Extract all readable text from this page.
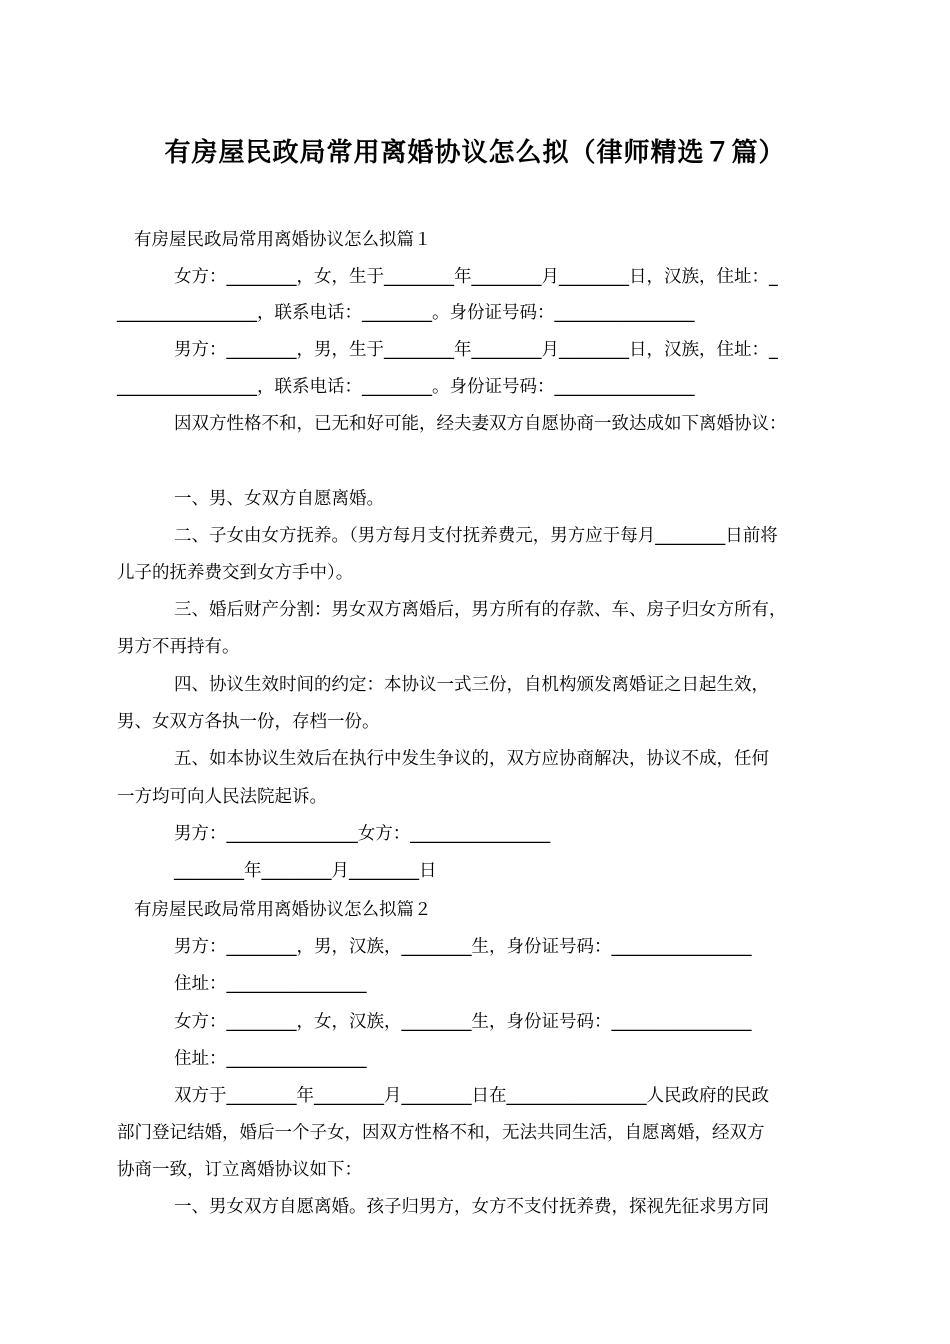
有房屋民政局常用离婚协议怎么拟（律师精选７篇）
有房屋民政局常用离婚协议怎么拟篇１
女方：________，女，生于________年________月________日，汉族，住址：_
________________，联系电话：________。身份证号码：________________
男方：________，男，生于________年________月________日，汉族，住址：_
________________，联系电话：________。身份证号码：________________
因双方性格不和，已无和好可能，经夫妻双方自愿协商一致达成如下离婚协议：
一、男、女双方自愿离婚。
二、子女由女方抚养。（男方每月支付抚养费元，男方应于每月________日前将
儿子的抚养费交到女方手中）。
三、婚后财产分割：男女双方离婚后，男方所有的存款、车、房子归女方所有，
男方不再持有。
四、协议生效时间的约定：本协议一式三份，自机构颁发离婚证之日起生效，
男、女双方各执一份，存档一份。
五、如本协议生效后在执行中发生争议的，双方应协商解决，协议不成，任何
一方均可向人民法院起诉。
男方：_______________女方：________________
________年________月________日
有房屋民政局常用离婚协议怎么拟篇２
男方：________，男，汉族，________生，身份证号码：________________
住址：________________
女方：________，女，汉族，________生，身份证号码：________________
住址：________________
双方于________年________月________日在________________人民政府的民政
部门登记结婚，婚后一个子女，因双方性格不和，无法共同生活，自愿离婚，经双方
协商一致，订立离婚协议如下：
一、男女双方自愿离婚。孩子归男方，女方不支付抚养费，探视先征求男方同
